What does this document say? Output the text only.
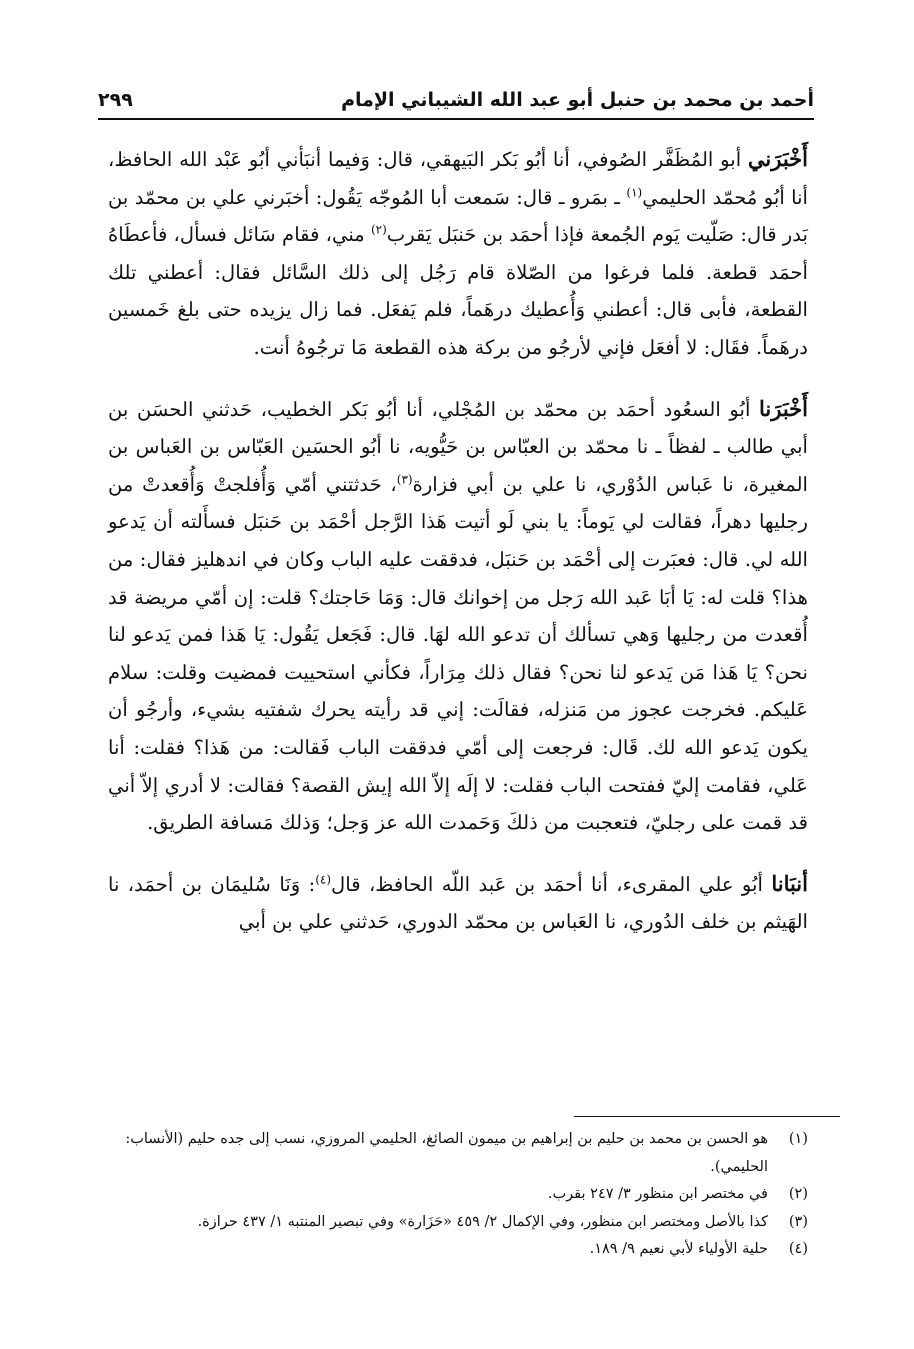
أحمد بن محمد بن حنبل أبو عبد الله الشيباني الإمام
٢٩٩

أَخْبَرَني أبو المُظَفَّر الصُوفي، أنا أبُو بَكر البَيهقي، قال: وَفيما أنبَأني أبُو عَبْد الله الحافظ، أنا أبُو مُحمّد الحليمي$^{(١)}$ ـ بمَرو ـ قال: سَمعت أبا المُوجّه يَقُول: أخبَرني علي بن محمّد بن بَدر قال: صَلّيت يَوم الجُمعة فإذا أحمَد بن حَنبَل يَقرب$^{(٢)}$ مني، فقام سَائل فسأل، فأعطَاهُ أحمَد قطعة. فلما فرغوا من الصّلاة قام رَجُل إلى ذلك السَّائل فقال: أعطني تلك القطعة، فأبى قال: أعطني وَأُعطيك درهَماً، فلم يَفعَل. فما زال يزيده حتى بلغ خَمسين درهَماً. فقَال: لا أفعَل فإني لأرجُو من بركة هذه القطعة مَا ترجُوهُ أنت.

أَخْبَرَنا أبُو السعُود أحمَد بن محمّد بن المُجْلي، أنا أبُو بَكر الخطيب، حَدثني الحسَن بن أبي طالب ـ لفظاً ـ نا محمّد بن العبّاس بن حَيُّويه، نا أبُو الحسَين العَبّاس بن العَباس بن المغيرة، نا عَباس الدُوْري، نا علي بن أبي فزارة$^{(٣)}$، حَدثتني أمّي وَأُفلجتْ وَأُقعدتْ من رجليها دهراً، فقالت لي يَوماً: يا بني لَو أتيت هَذا الرَّجل أحْمَد بن حَنبَل فسأَلته أن يَدعو الله لي. قال: فعبَرت إلى أحْمَد بن حَنبَل، فدققت عليه الباب وكان في اندهليز فقال: من هذا؟ قلت له: يَا أبَا عَبد الله رَجل من إخوانك قال: وَمَا حَاجتك؟ قلت: إن أمّي مريضة قد أُقعدت من رجليها وَهي تسألك أن تدعو الله لهَا. قال: فَجَعل يَقُول: يَا هَذا فمن يَدعو لنا نحن؟ يَا هَذا مَن يَدعو لنا نحن؟ فقال ذلك مِرَاراً، فكأني استحييت فمضيت وقلت: سلام عَليكم. فخرجت عجوز من مَنزله، فقالَت: إني قد رأيته يحرك شفتيه بشيء، وأرجُو أن يكون يَدعو الله لك. قَال: فرجعت إلى أمّي فدققت الباب فَقالت: من هَذا؟ فقلت: أنا عَلي، فقامت إليّ ففتحت الباب فقلت: لا إلَه إلاّ الله إيش القصة؟ فقالت: لا أدري إلاّ أني قد قمت على رجليّ، فتعجبت من ذلكَ وَحَمدت الله عز وَجل؛ وَذلك مَسافة الطريق.

أنبَانا أبُو علي المقرىء، أنا أحمَد بن عَبد اللّه الحافظ، قال$^{(٤)}$: وَنَا سُليمَان بن أحمَد، نا الهَيثم بن خلف الدُوري، نا العَباس بن محمّد الدوري، حَدثني علي بن أبي

(١)
هو الحسن بن محمد بن حليم بن إبراهيم بن ميمون الصائغ، الحليمي المروزي، نسب إلى جده حليم (الأنساب: الحليمي).
(٢)
في مختصر ابن منظور ٣/ ٢٤٧ بقرب.
(٣)
كذا بالأصل ومختصر ابن منظور، وفي الإكمال ٢/ ٤٥٩ «حَزَارة» وفي تبصير المنتبه ١/ ٤٣٧ حرازة.
(٤)
حلية الأولياء لأبي نعيم ٩/ ١٨٩.
